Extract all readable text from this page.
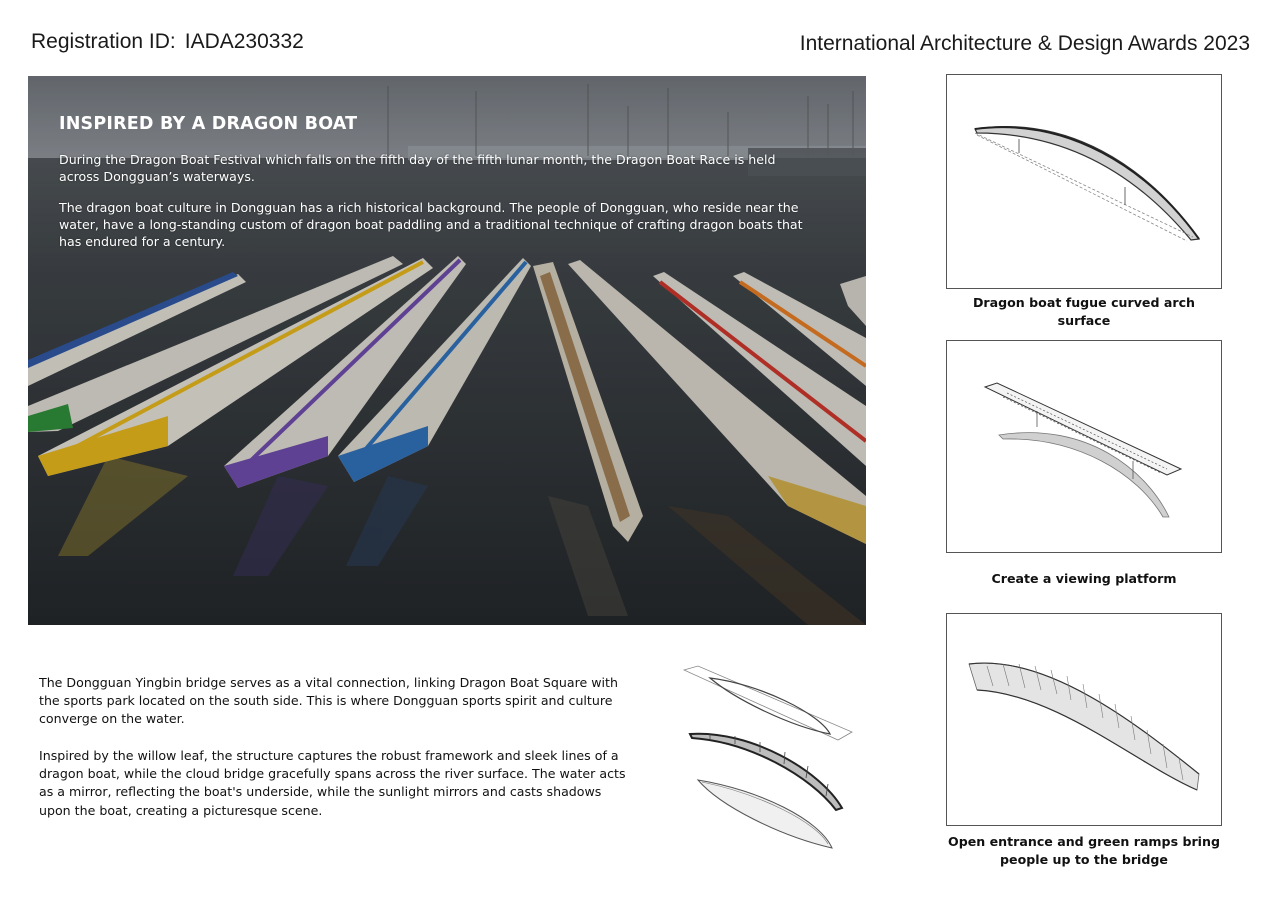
Registration ID: IADA230332	International Architecture & Design Awards 2023
INSPIRED BY A DRAGON BOAT

During the Dragon Boat Festival which falls on the fifth day of the fifth lunar month, the Dragon Boat Race is held across Dongguan’s waterways.

The dragon boat culture in Dongguan has a rich historical background. The people of Dongguan, who reside near the water, have a long-standing custom of dragon boat paddling and a traditional technique of crafting dragon boats that has endured for a century.

Dragon boat fugue curved arch surface
Create a viewing platform
Open entrance and green ramps bring people up to the bridge

The Dongguan Yingbin bridge serves as a vital connection, linking Dragon Boat Square with the sports park located on the south side. This is where Dongguan sports spirit and culture converge on the water.

Inspired by the willow leaf, the structure captures the robust framework and sleek lines of a dragon boat, while the cloud bridge gracefully spans across the river surface. The water acts as a mirror, reflecting the boat's underside, while the sunlight mirrors and casts shadows upon the boat, creating a picturesque scene.
